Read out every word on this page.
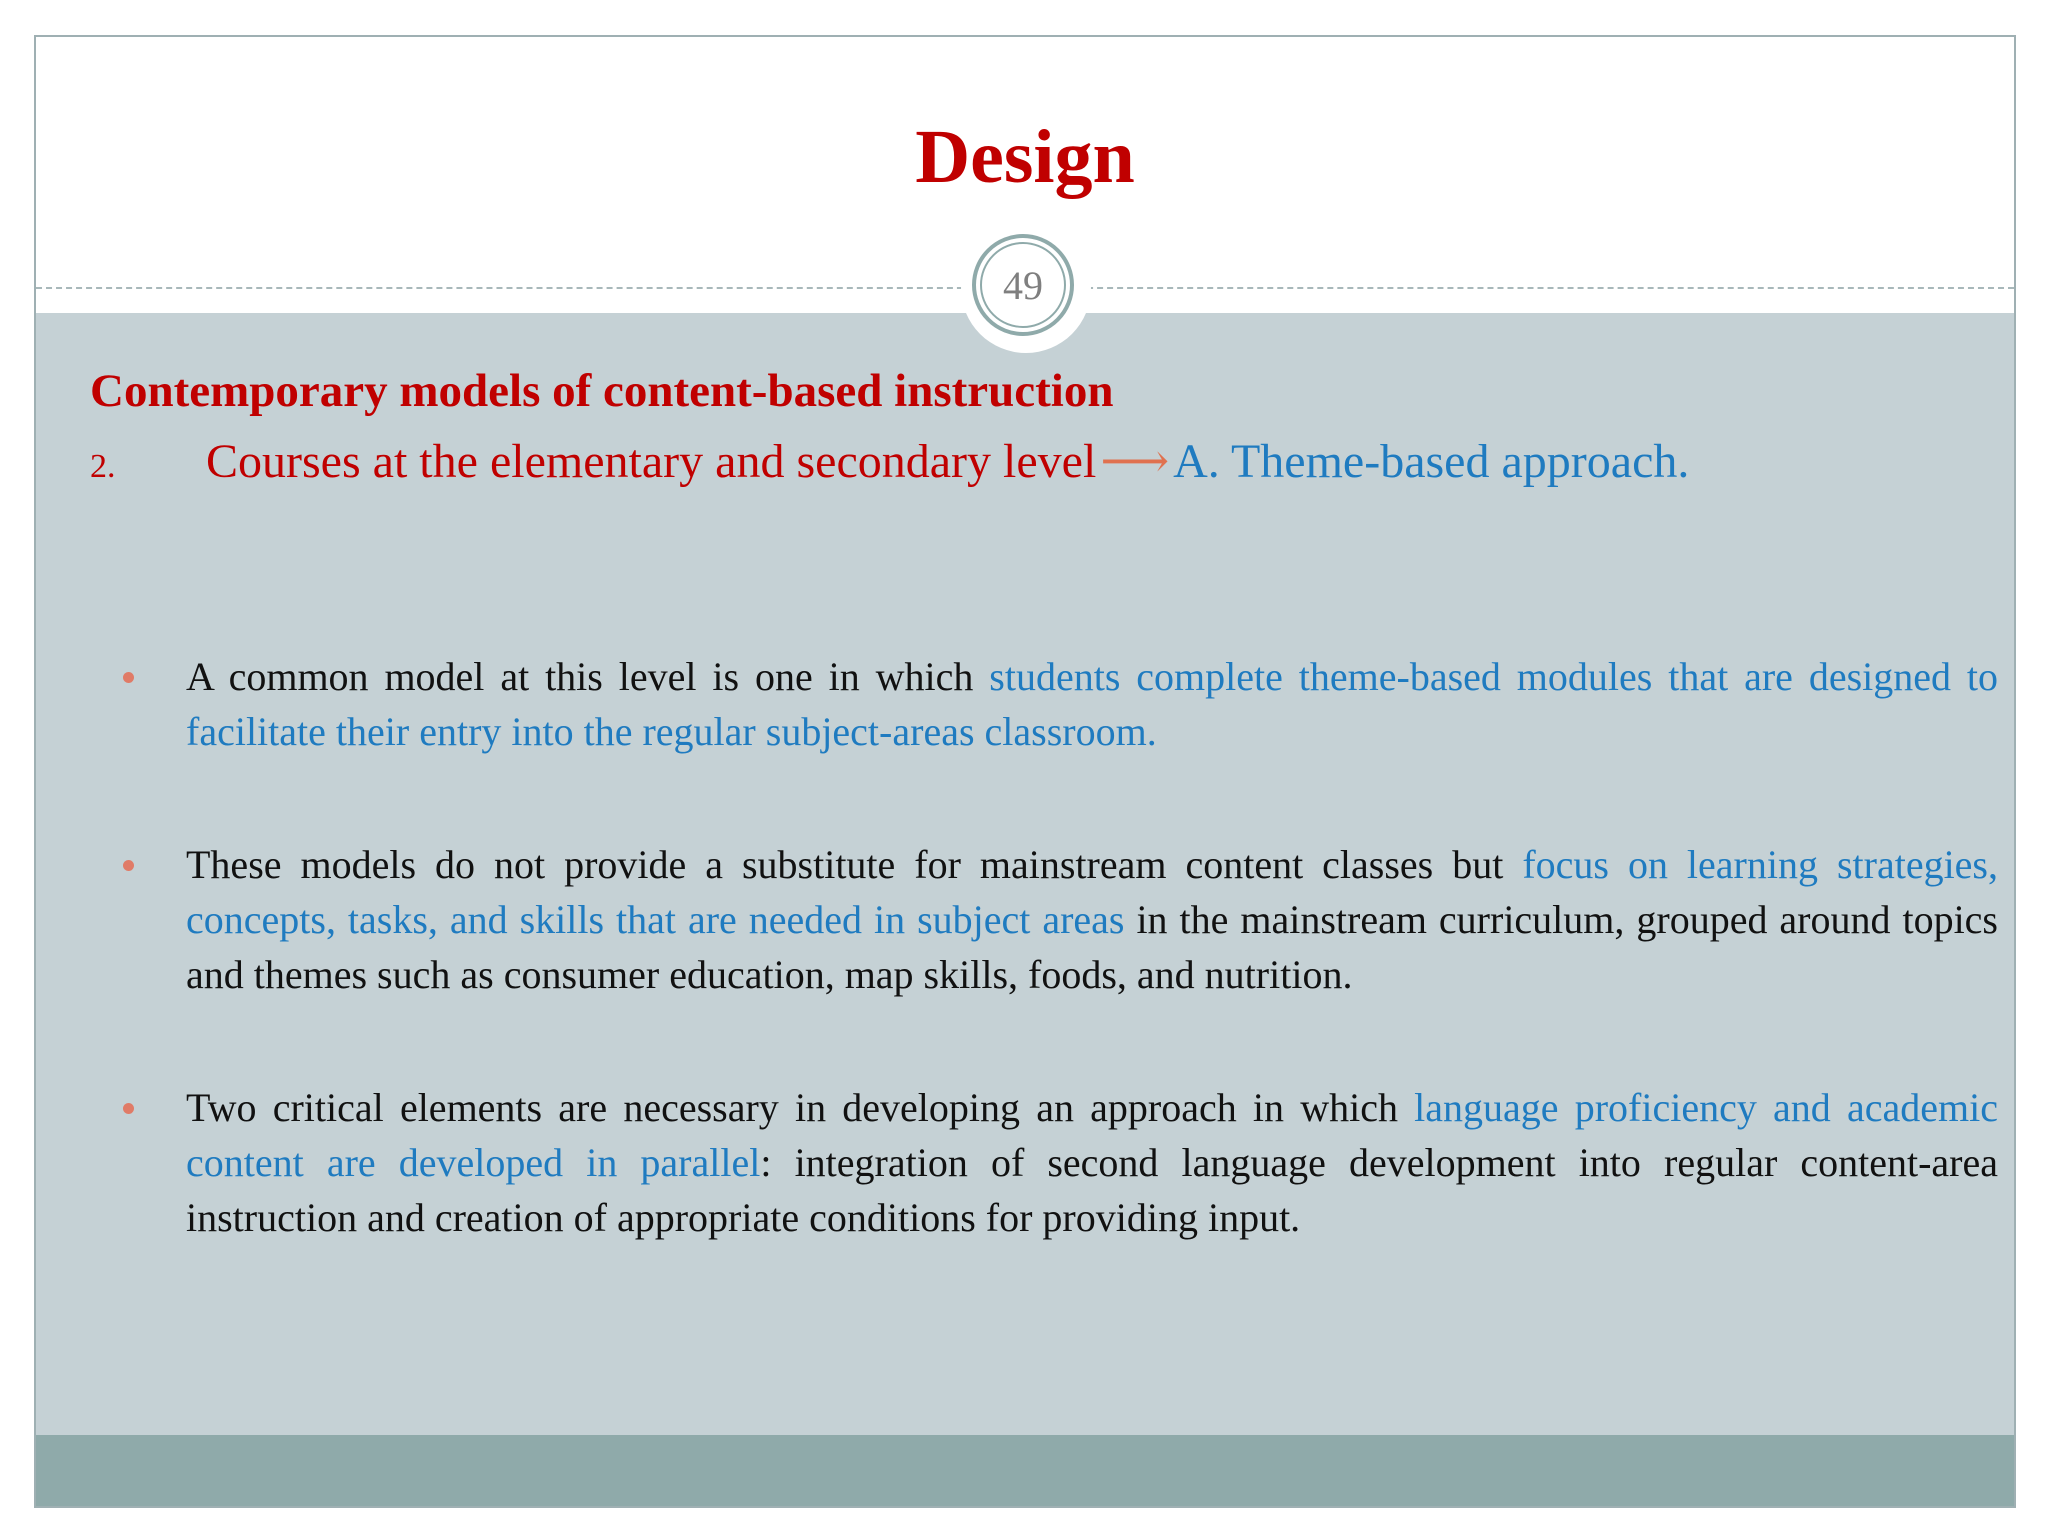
Design
49
Contemporary models of content-based instruction
2. Courses at the elementary and secondary level⟶A. Theme-based approach.
A common model at this level is one in which students complete theme-based modules that are designed to facilitate their entry into the regular subject-areas classroom.
These models do not provide a substitute for mainstream content classes but focus on learning strategies, concepts, tasks, and skills that are needed in subject areas in the mainstream curriculum, grouped around topics and themes such as consumer education, map skills, foods, and nutrition.
Two critical elements are necessary in developing an approach in which language proficiency and academic content are developed in parallel: integration of second language development into regular content-area instruction and creation of appropriate conditions for providing input.
